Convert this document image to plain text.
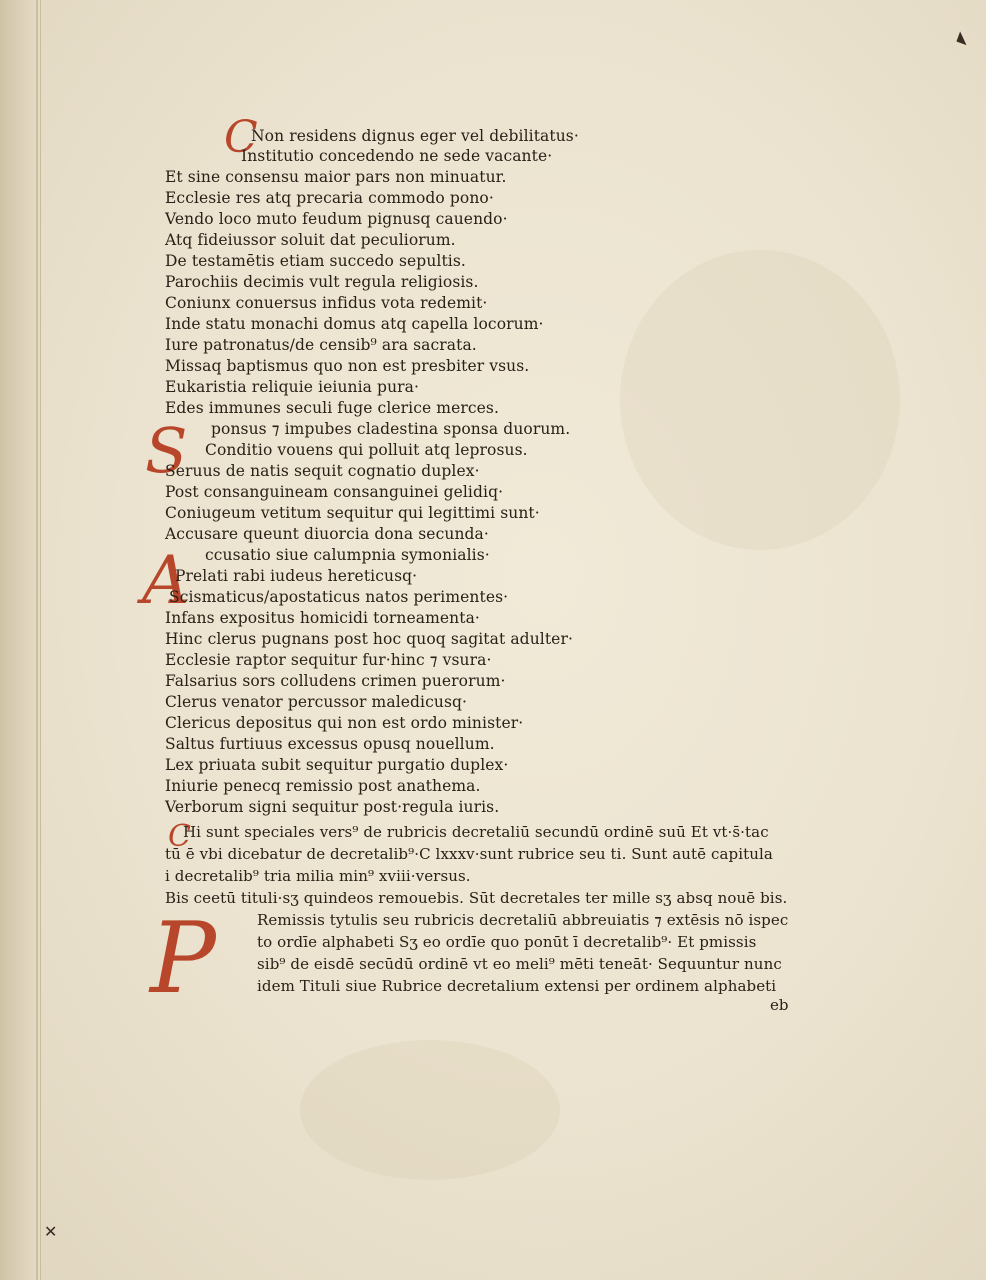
◣
✕
C
S
A
C
P
Non residens dignus eger vel debilitatus·
Institutio concedendo ne sede vacante·
Et sine consensu maior pars non minuatur.
Ecclesie res atq precaria commodo pono·
Vendo loco muto feudum pignusq cauendo·
Atq fideiussor soluit dat peculiorum.
De testamētis etiam succedo sepultis.
Parochiis decimis vult regula religiosis.
Coniunx conuersus infidus vota redemit·
Inde statu monachi domus atq capella locorum·
Iure patronatus/de censib⁹ ara sacrata.
Missaq baptismus quo non est presbiter vsus.
Eukaristia reliquie ieiunia pura·
Edes immunes seculi fuge clerice merces.
ponsus ⁊ impubes cladestina sponsa duorum.
Conditio vouens qui polluit atq leprosus.
Seruus de natis sequit cognatio duplex·
Post consanguineam consanguinei gelidiq·
Coniugeum vetitum sequitur qui legittimi sunt·
Accusare queunt diuorcia dona secunda·
ccusatio siue calumpnia symonialis·
Prelati rabi iudeus hereticusq·
Scismaticus/apostaticus natos perimentes·
Infans expositus homicidi torneamenta·
Hinc clerus pugnans post hoc quoq sagitat adulter·
Ecclesie raptor sequitur fur·hinc ⁊ vsura·
Falsarius sors colludens crimen puerorum·
Clerus venator percussor maledicusq·
Clericus depositus qui non est ordo minister·
Saltus furtiuus excessus opusq nouellum.
Lex priuata subit sequitur purgatio duplex·
Iniurie penecq remissio post anathema.
Verborum signi sequitur post·regula iuris.
Hi sunt speciales vers⁹ de rubricis decretaliū secundū ordinē suū Et vt·s̄·tac
tū ē vbi dicebatur de decretalib⁹·C lxxxv·sunt rubrice seu ti. Sunt autē capitula
i decretalib⁹ tria milia min⁹ xviii·versus.
Bis ceetū tituli·sʒ quindeos remouebis. Sūt decretales ter mille sʒ absq nouē bis.
Remissis tytulis seu rubricis decretaliū abbreuiatis ⁊ extēsis nō ispec
to ordīe alphabeti Sʒ eo ordīe quo ponūt ī decretalib⁹· Et pmissis
sib⁹ de eisdē secūdū ordinē vt eo meli⁹ mēti teneāt· Sequuntur nunc
idem Tituli siue Rubrice decretalium extensi per ordinem alphabeti
eb
